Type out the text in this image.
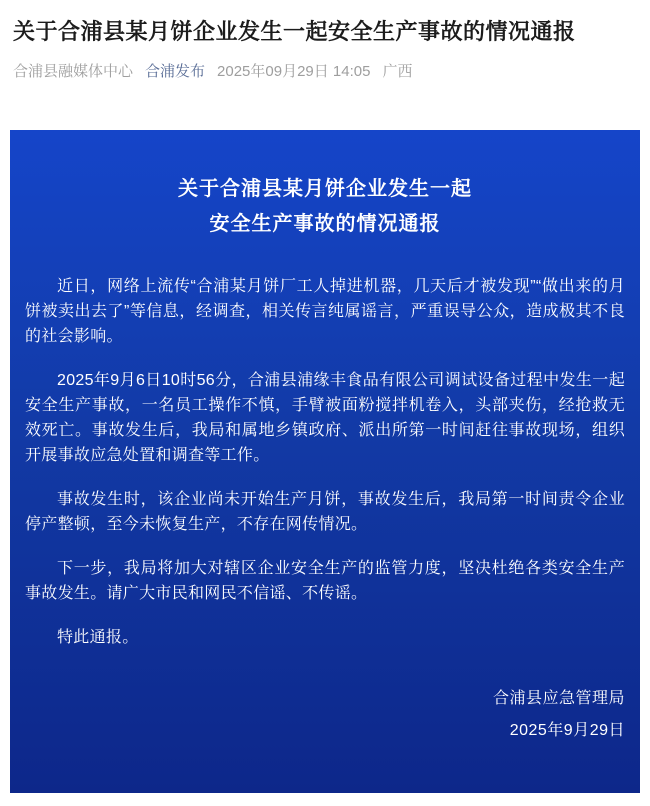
关于合浦县某月饼企业发生一起安全生产事故的情况通报
合浦县融媒体中心 合浦发布 2025年09月29日 14:05 广西
关于合浦县某月饼企业发生一起
安全生产事故的情况通报

近日，网络上流传“合浦某月饼厂工人掉进机器，几天后才被发现”“做出来的月饼被卖出去了”等信息，经调查，相关传言纯属谣言，严重误导公众，造成极其不良的社会影响。

2025年9月6日10时56分，合浦县浦缘丰食品有限公司调试设备过程中发生一起安全生产事故，一名员工操作不慎，手臂被面粉搅拌机卷入，头部夹伤，经抢救无效死亡。事故发生后，我局和属地乡镇政府、派出所第一时间赶往事故现场，组织开展事故应急处置和调查等工作。

事故发生时，该企业尚未开始生产月饼，事故发生后，我局第一时间责令企业停产整顿，至今未恢复生产，不存在网传情况。

下一步，我局将加大对辖区企业安全生产的监管力度，坚决杜绝各类安全生产事故发生。请广大市民和网民不信谣、不传谣。

特此通报。

合浦县应急管理局
2025年9月29日
